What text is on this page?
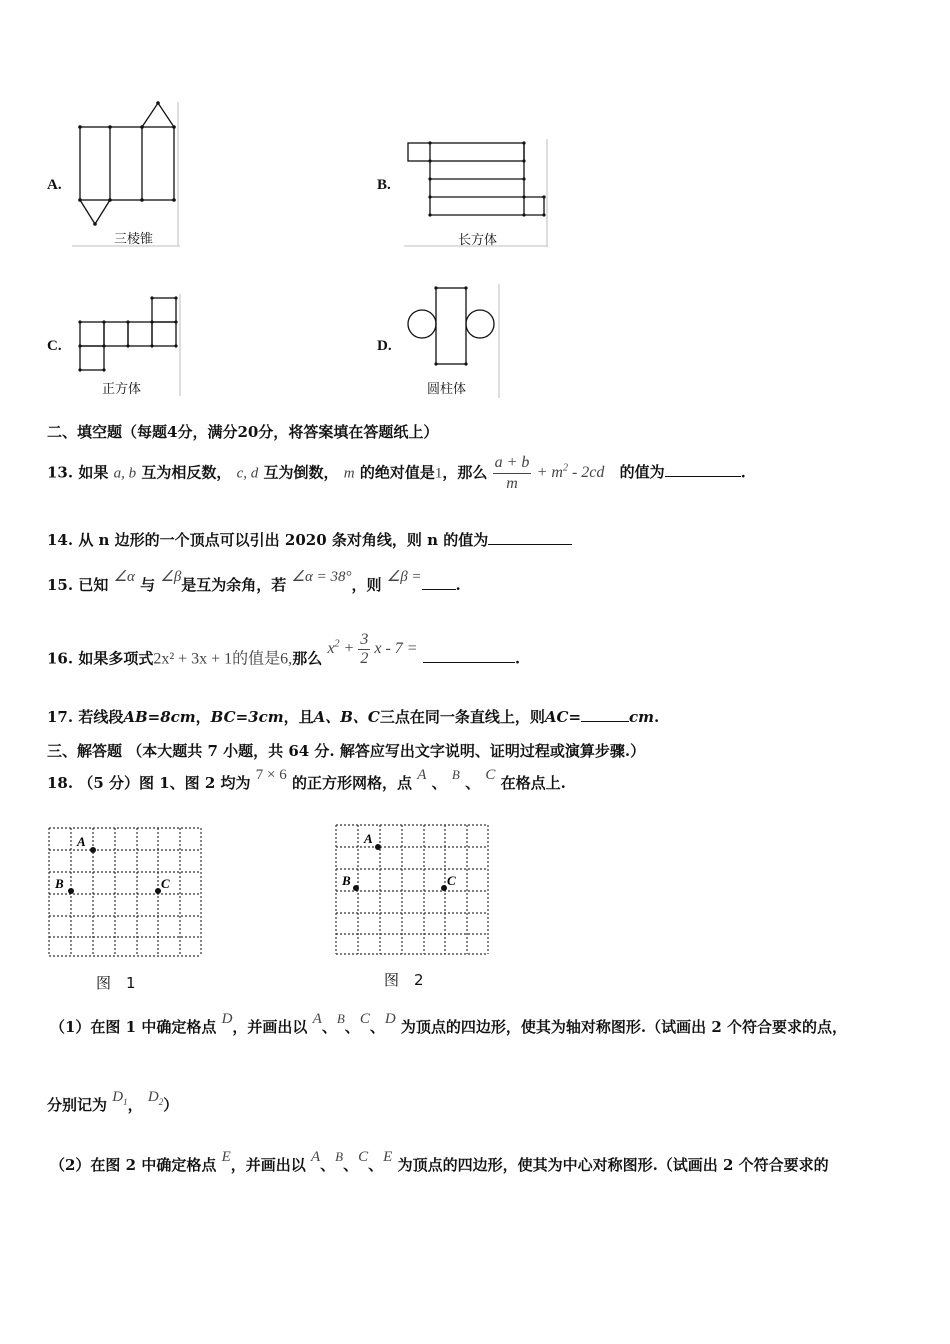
A.
三棱锥
B.
长方体
C.
正方体
D.
圆柱体
二、填空题（每题4分，满分20分，将答案填在答题纸上）
13. 如果 a, b 互为相反数， c, d 互为倒数， m 的绝对值是1，那么 $\frac{a + b}{m} + m^2 - 2cd$ 的值为	.
14. 从 n 边形的一个顶点可以引出 2020 条对角线，则 n 的值为
15. 已知 ∠α 与 ∠β是互为余角，若 ∠α = 38°，则 ∠β = .
16. 如果多项式2x² + 3x + 1的值是6,那么 $x^2 + \frac{3}{2}$ x - 7 = .
17. 若线段AB=8cm，BC=3cm，且A、B、C三点在同一条直线上，则AC=	cm.
三、解答题 （本大题共 7 小题，共 64 分. 解答应写出文字说明、证明过程或演算步骤.）
18. （5 分）图 1、图 2 均为 7 × 6 的正方形网格，点 A 、 B 、 C 在格点上.
A
B	C
图　1
A
B	C
图　2
（1）在图 1 中确定格点 D，并画出以 A、B、C、D 为顶点的四边形，使其为轴对称图形.（试画出 2 个符合要求的点，
分别记为 $D_1$， $D_2$）
（2）在图 2 中确定格点 E，并画出以 A、B、C、E 为顶点的四边形，使其为中心对称图形.（试画出 2 个符合要求的
